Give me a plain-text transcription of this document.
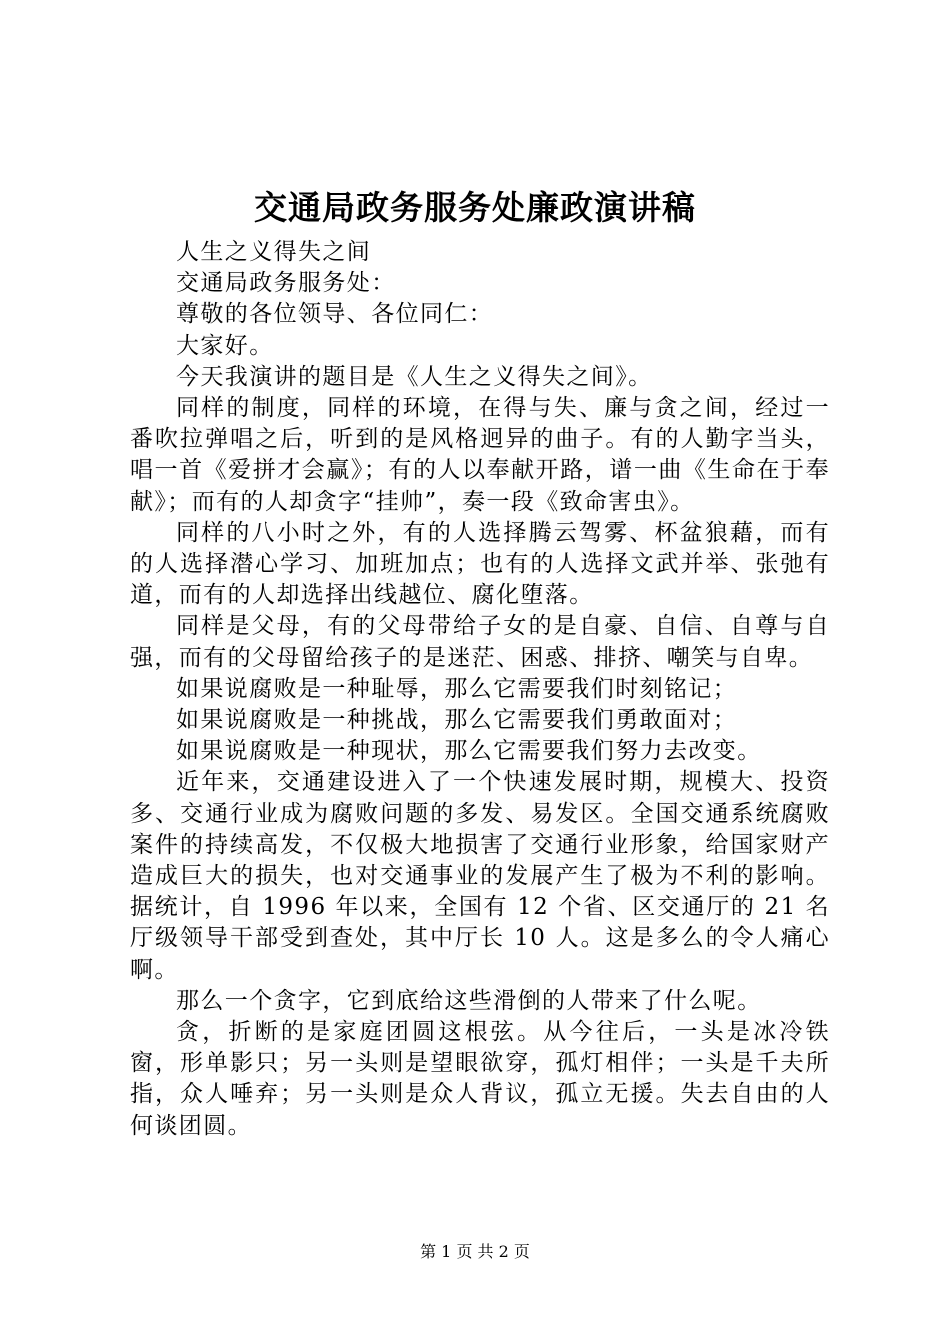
交通局政务服务处廉政演讲稿

人生之义得失之间

交通局政务服务处：

尊敬的各位领导、各位同仁：

大家好。

今天我演讲的题目是《人生之义得失之间》。

同样的制度，同样的环境，在得与失、廉与贪之间，经过一番吹拉弹唱之后，听到的是风格迥异的曲子。有的人勤字当头，唱一首《爱拼才会赢》；有的人以奉献开路，谱一曲《生命在于奉献》；而有的人却贪字“挂帅”，奏一段《致命害虫》。

同样的八小时之外，有的人选择腾云驾雾、杯盆狼藉，而有的人选择潜心学习、加班加点；也有的人选择文武并举、张弛有道，而有的人却选择出线越位、腐化堕落。

同样是父母，有的父母带给子女的是自豪、自信、自尊与自强，而有的父母留给孩子的是迷茫、困惑、排挤、嘲笑与自卑。

如果说腐败是一种耻辱，那么它需要我们时刻铭记；

如果说腐败是一种挑战，那么它需要我们勇敢面对；

如果说腐败是一种现状，那么它需要我们努力去改变。

近年来，交通建设进入了一个快速发展时期，规模大、投资多、交通行业成为腐败问题的多发、易发区。全国交通系统腐败案件的持续高发，不仅极大地损害了交通行业形象，给国家财产造成巨大的损失，也对交通事业的发展产生了极为不利的影响。据统计，自 1996 年以来，全国有 12 个省、区交通厅的 21 名厅级领导干部受到查处，其中厅长 10 人。这是多么的令人痛心啊。

那么一个贪字，它到底给这些滑倒的人带来了什么呢。

贪，折断的是家庭团圆这根弦。从今往后，一头是冰冷铁窗，形单影只；另一头则是望眼欲穿，孤灯相伴；一头是千夫所指，众人唾弃；另一头则是众人背议，孤立无援。失去自由的人何谈团圆。

第 1 页 共 2 页
